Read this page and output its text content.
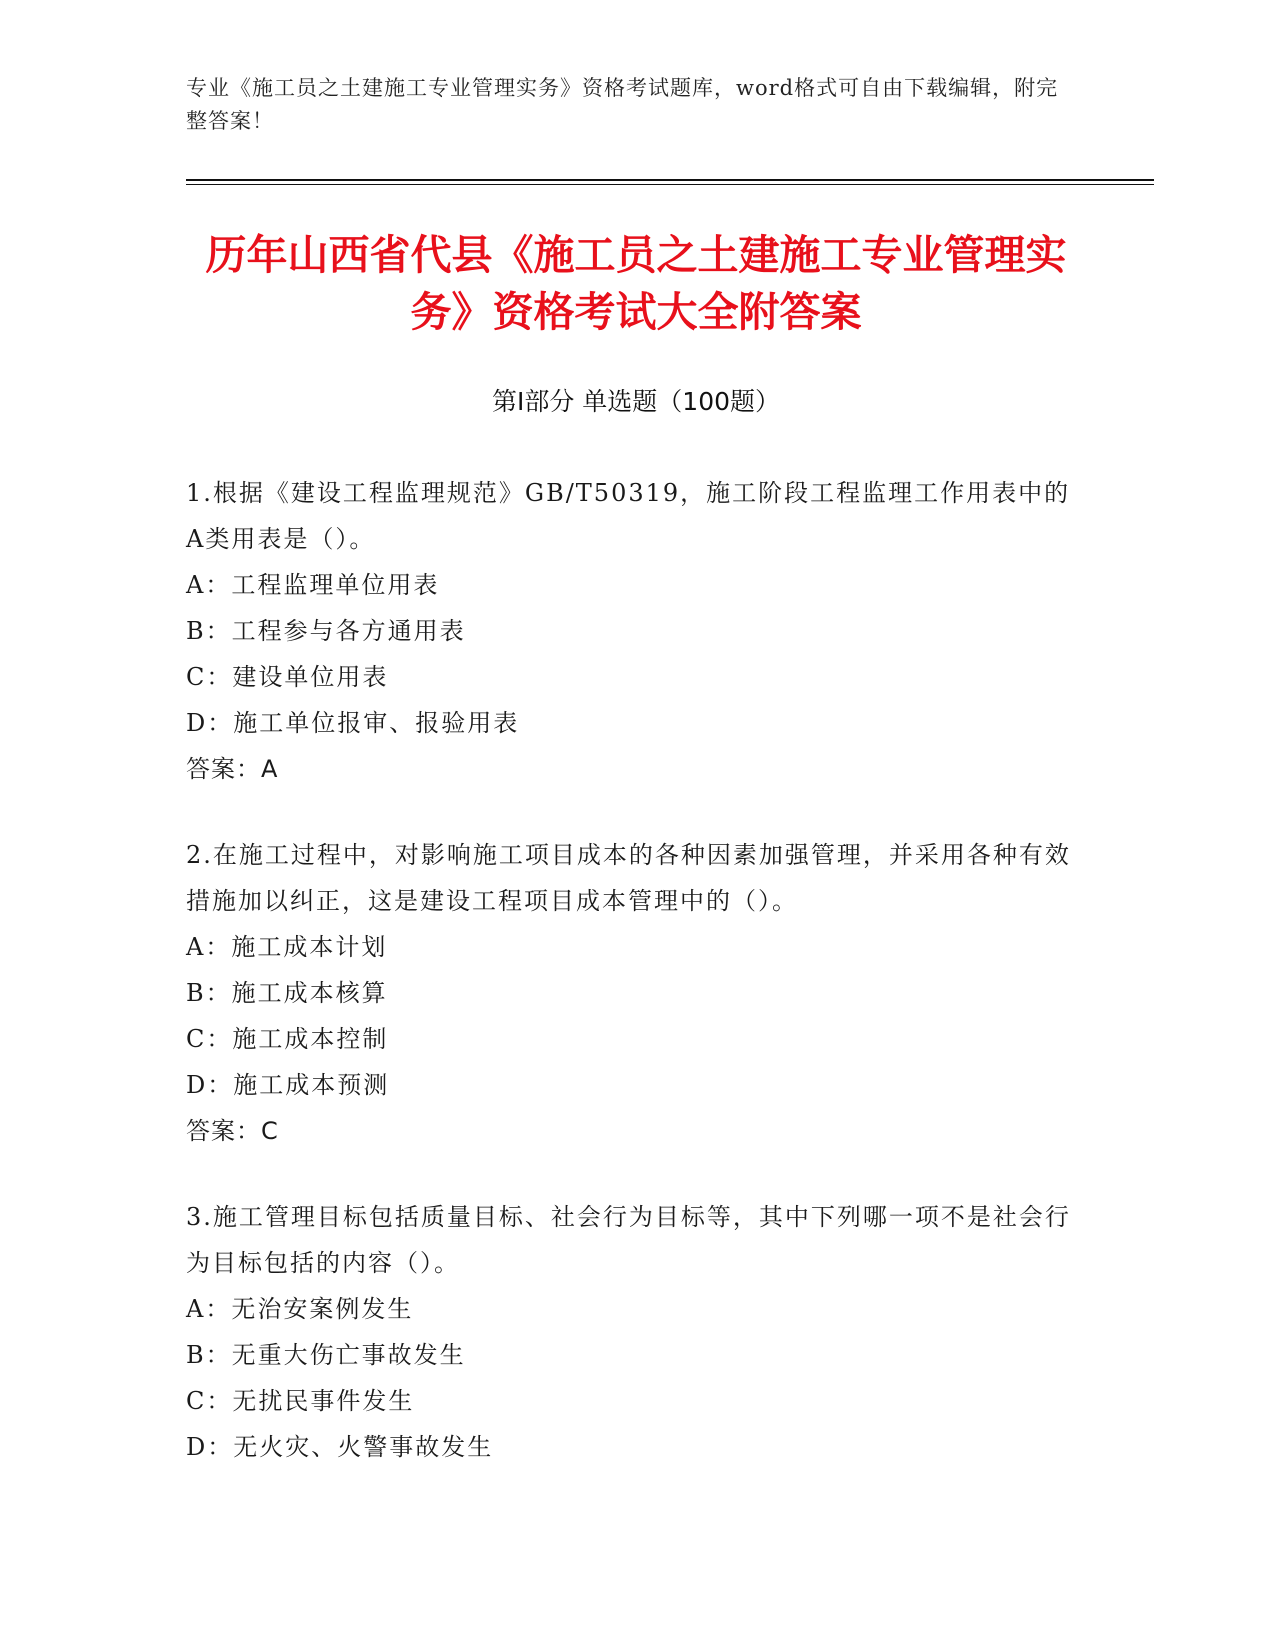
专业《施工员之土建施工专业管理实务》资格考试题库，word格式可自由下载编辑，附完整答案！
历年山西省代县《施工员之土建施工专业管理实务》资格考试大全附答案
第Ⅰ部分 单选题（100题）
1.根据《建设工程监理规范》GB/T50319，施工阶段工程监理工作用表中的A类用表是（）。
A：工程监理单位用表
B：工程参与各方通用表
C：建设单位用表
D：施工单位报审、报验用表
答案：A
2.在施工过程中，对影响施工项目成本的各种因素加强管理，并采用各种有效措施加以纠正，这是建设工程项目成本管理中的（）。
A：施工成本计划
B：施工成本核算
C：施工成本控制
D：施工成本预测
答案：C
3.施工管理目标包括质量目标、社会行为目标等，其中下列哪一项不是社会行为目标包括的内容（）。
A：无治安案例发生
B：无重大伤亡事故发生
C：无扰民事件发生
D：无火灾、火警事故发生
